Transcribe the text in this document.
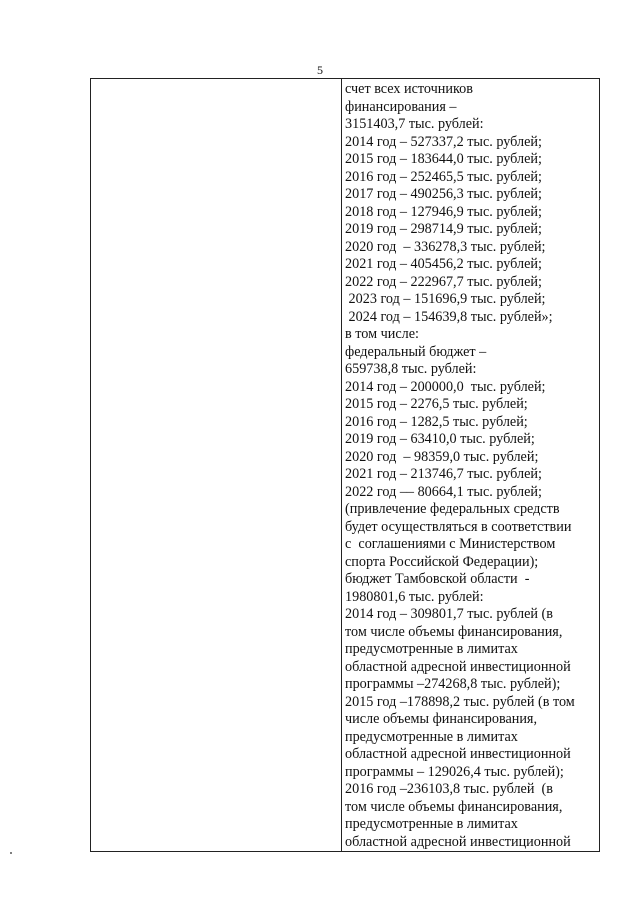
5
счет всех источников
финансирования –
3151403,7 тыс. рублей:
2014 год – 527337,2 тыс. рублей;
2015 год – 183644,0 тыс. рублей;
2016 год – 252465,5 тыс. рублей;
2017 год – 490256,3 тыс. рублей;
2018 год – 127946,9 тыс. рублей;
2019 год – 298714,9 тыс. рублей;
2020 год  – 336278,3 тыс. рублей;
2021 год – 405456,2 тыс. рублей;
2022 год – 222967,7 тыс. рублей;
2023 год – 151696,9 тыс. рублей;
2024 год – 154639,8 тыс. рублей»;
в том числе:
федеральный бюджет –
659738,8 тыс. рублей:
2014 год – 200000,0  тыс. рублей;
2015 год – 2276,5 тыс. рублей;
2016 год – 1282,5 тыс. рублей;
2019 год – 63410,0 тыс. рублей;
2020 год  – 98359,0 тыс. рублей;
2021 год – 213746,7 тыс. рублей;
2022 год –– 80664,1 тыс. рублей;
(привлечение федеральных средств
будет осуществляться в соответствии
с  соглашениями с Министерством
спорта Российской Федерации);
бюджет Тамбовской области  -
1980801,6 тыс. рублей:
2014 год – 309801,7 тыс. рублей (в
том числе объемы финансирования,
предусмотренные в лимитах
областной адресной инвестиционной
программы –274268,8 тыс. рублей);
2015 год –178898,2 тыс. рублей (в том
числе объемы финансирования,
предусмотренные в лимитах
областной адресной инвестиционной
программы – 129026,4 тыс. рублей);
2016 год –236103,8 тыс. рублей  (в
том числе объемы финансирования,
предусмотренные в лимитах
областной адресной инвестиционной
